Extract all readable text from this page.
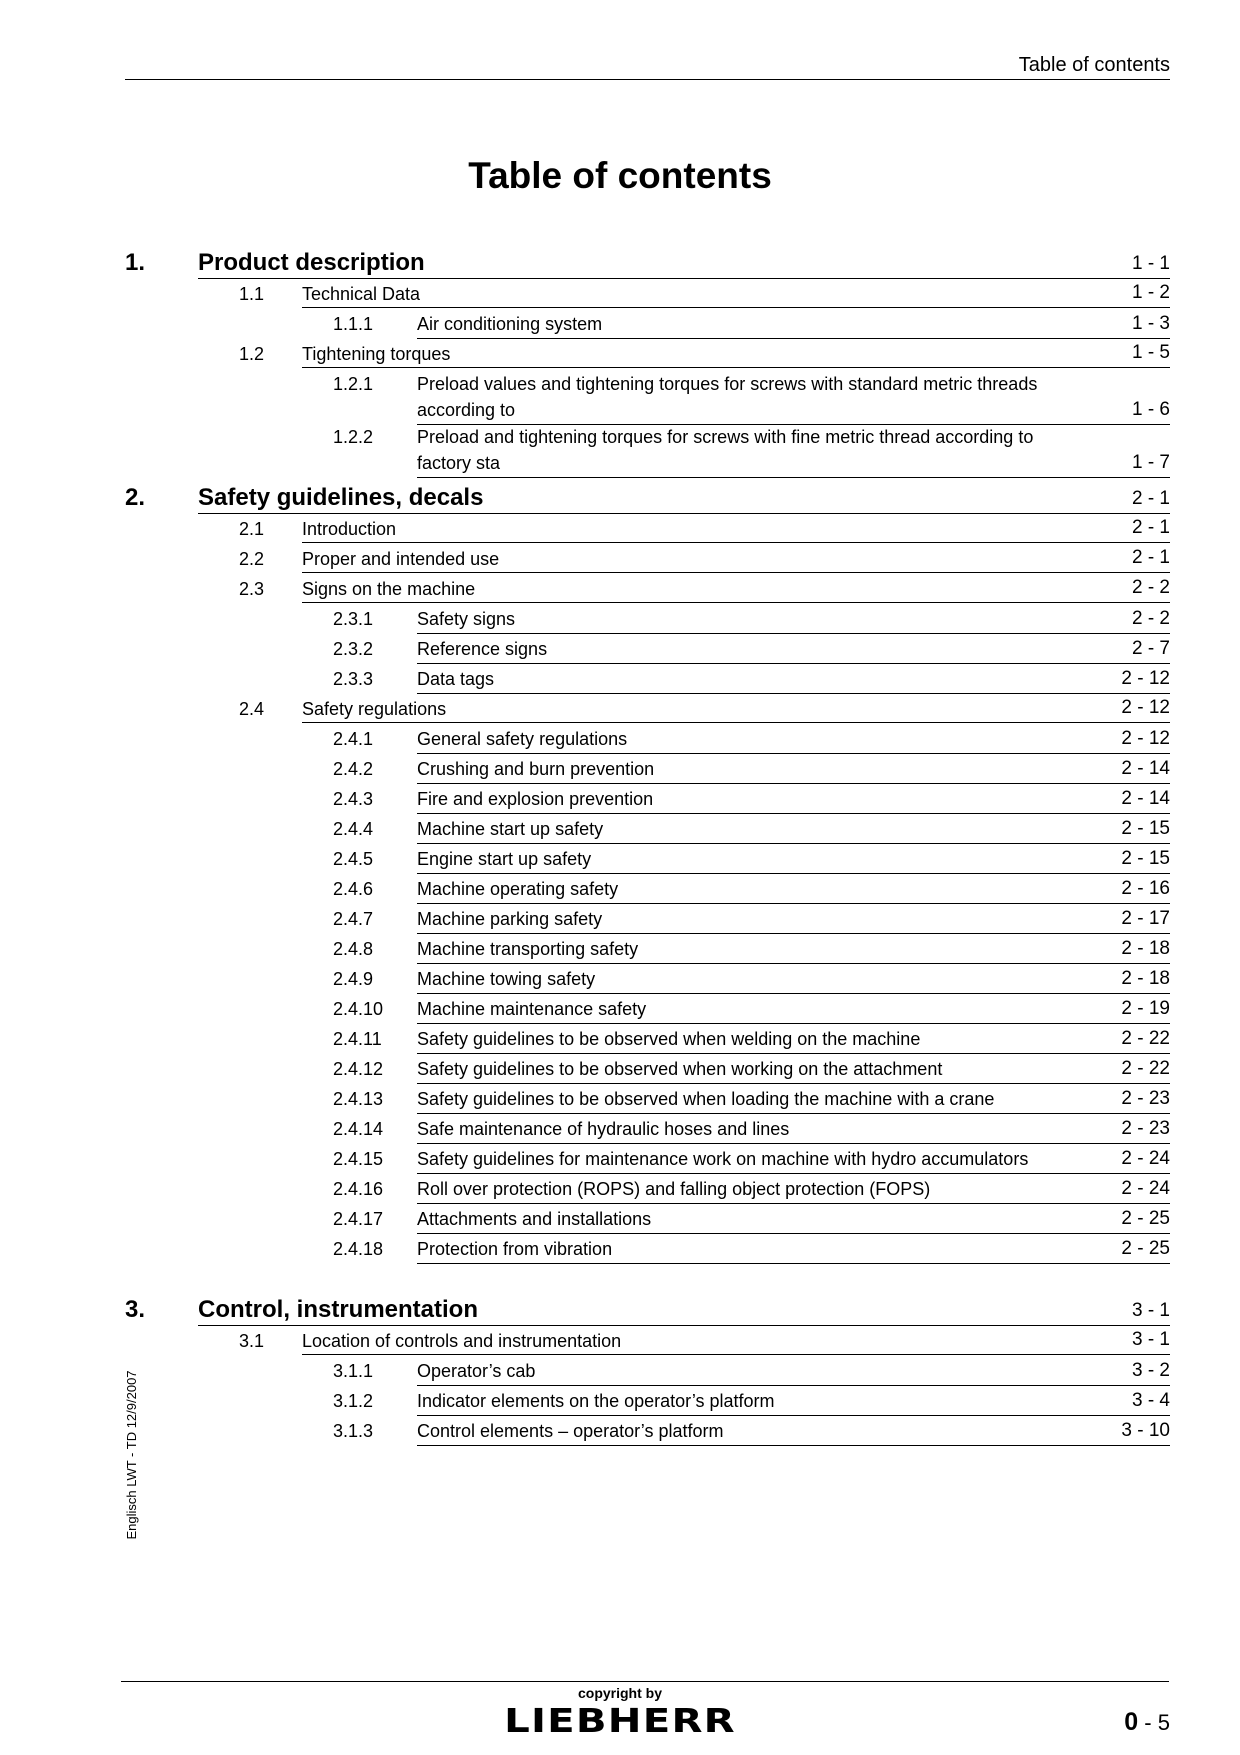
Table of contents
Table of contents
Englisch LWT - TD 12/9/2007
1. Product description	1 - 1
1.1 Technical Data	1 - 2
1.1.1 Air conditioning system	1 - 3
1.2 Tightening torques	1 - 5
1.2.1 Preload values and tightening torques for screws with standard metric threads according to	1 - 6
1.2.2 Preload and tightening torques for screws with fine metric thread according to factory sta	1 - 7
2. Safety guidelines, decals	2 - 1
2.1 Introduction	2 - 1
2.2 Proper and intended use	2 - 1
2.3 Signs on the machine	2 - 2
2.3.1 Safety signs	2 - 2
2.3.2 Reference signs	2 - 7
2.3.3 Data tags	2 - 12
2.4 Safety regulations	2 - 12
2.4.1 General safety regulations	2 - 12
2.4.2 Crushing and burn prevention	2 - 14
2.4.3 Fire and explosion prevention	2 - 14
2.4.4 Machine start up safety	2 - 15
2.4.5 Engine start up safety	2 - 15
2.4.6 Machine operating safety	2 - 16
2.4.7 Machine parking safety	2 - 17
2.4.8 Machine transporting safety	2 - 18
2.4.9 Machine towing safety	2 - 18
2.4.10 Machine maintenance safety	2 - 19
2.4.11 Safety guidelines to be observed when welding on the machine	2 - 22
2.4.12 Safety guidelines to be observed when working on the attachment	2 - 22
2.4.13 Safety guidelines to be observed when loading the machine with a crane	2 - 23
2.4.14 Safe maintenance of hydraulic hoses and lines	2 - 23
2.4.15 Safety guidelines for maintenance work on machine with hydro accumulators	2 - 24
2.4.16 Roll over protection (ROPS) and falling object protection (FOPS)	2 - 24
2.4.17 Attachments and installations	2 - 25
2.4.18 Protection from vibration	2 - 25
3. Control, instrumentation	3 - 1
3.1 Location of controls and instrumentation	3 - 1
3.1.1 Operator’s cab	3 - 2
3.1.2 Indicator elements on the operator’s platform	3 - 4
3.1.3 Control elements – operator’s platform	3 - 10
copyright by
LIEBHERR	0 - 5
